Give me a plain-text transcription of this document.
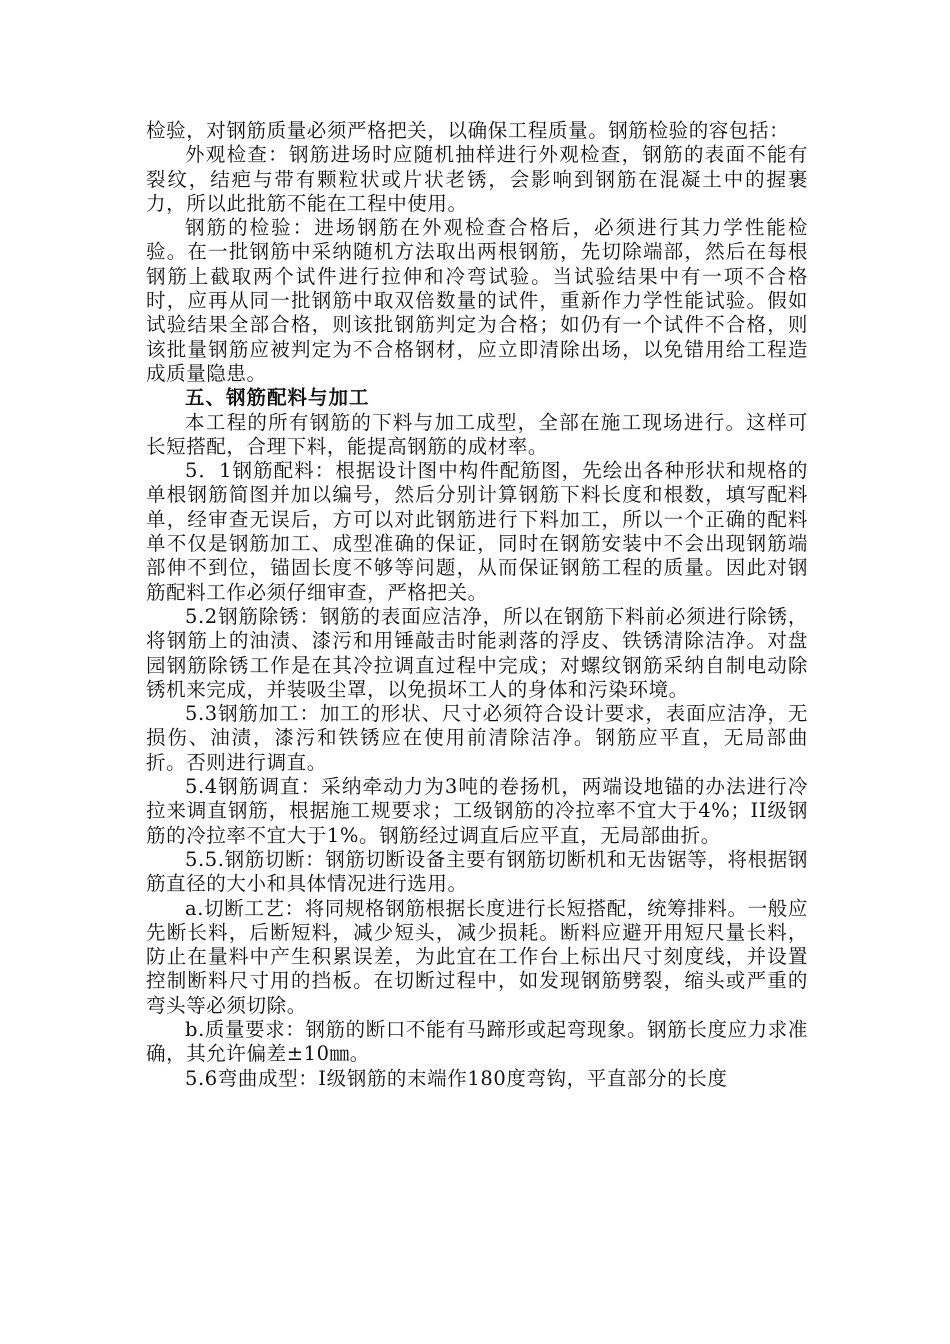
检验，对钢筋质量必须严格把关，以确保工程质量。钢筋检验的容包括：

外观检查：钢筋进场时应随机抽样进行外观检查，钢筋的表面不能有裂纹，结疤与带有颗粒状或片状老锈，会影响到钢筋在混凝土中的握裹力，所以此批筋不能在工程中使用。

钢筋的检验：进场钢筋在外观检查合格后，必须进行其力学性能检验。在一批钢筋中采纳随机方法取出两根钢筋，先切除端部，然后在每根钢筋上截取两个试件进行拉伸和冷弯试验。当试验结果中有一项不合格时，应再从同一批钢筋中取双倍数量的试件，重新作力学性能试验。假如试验结果全部合格，则该批钢筋判定为合格；如仍有一个试件不合格，则该批量钢筋应被判定为不合格钢材，应立即清除出场，以免错用给工程造成质量隐患。

五、钢筋配料与加工

本工程的所有钢筋的下料与加工成型，全部在施工现场进行。这样可长短搭配，合理下料，能提高钢筋的成材率。

5．1钢筋配料：根据设计图中构件配筋图，先绘出各种形状和规格的单根钢筋简图并加以编号，然后分别计算钢筋下料长度和根数，填写配料单，经审查无误后，方可以对此钢筋进行下料加工，所以一个正确的配料单不仅是钢筋加工、成型准确的保证，同时在钢筋安装中不会出现钢筋端部伸不到位，锚固长度不够等问题，从而保证钢筋工程的质量。因此对钢筋配料工作必须仔细审查，严格把关。

5.2钢筋除锈：钢筋的表面应洁净，所以在钢筋下料前必须进行除锈，将钢筋上的油渍、漆污和用锤敲击时能剥落的浮皮、铁锈清除洁净。对盘园钢筋除锈工作是在其冷拉调直过程中完成；对螺纹钢筋采纳自制电动除锈机来完成，并装吸尘罩，以免损坏工人的身体和污染环境。

5.3钢筋加工：加工的形状、尺寸必须符合设计要求，表面应洁净，无损伤、油渍，漆污和铁锈应在使用前清除洁净。钢筋应平直，无局部曲折。否则进行调直。

5.4钢筋调直：采纳牵动力为3吨的卷扬机，两端设地锚的办法进行冷拉来调直钢筋，根据施工规要求；工级钢筋的冷拉率不宜大于4%；II级钢筋的冷拉率不宜大于1%。钢筋经过调直后应平直，无局部曲折。

5.5.钢筋切断：钢筋切断设备主要有钢筋切断机和无齿锯等，将根据钢筋直径的大小和具体情况进行选用。

a.切断工艺：将同规格钢筋根据长度进行长短搭配，统筹排料。一般应先断长料，后断短料，减少短头，减少损耗。断料应避开用短尺量长料，防止在量料中产生积累误差，为此宜在工作台上标出尺寸刻度线，并设置控制断料尺寸用的挡板。在切断过程中，如发现钢筋劈裂，缩头或严重的弯头等必须切除。

b.质量要求：钢筋的断口不能有马蹄形或起弯现象。钢筋长度应力求准确，其允许偏差±10㎜。

5.6弯曲成型：Ⅰ级钢筋的末端作180度弯钩，平直部分的长度
